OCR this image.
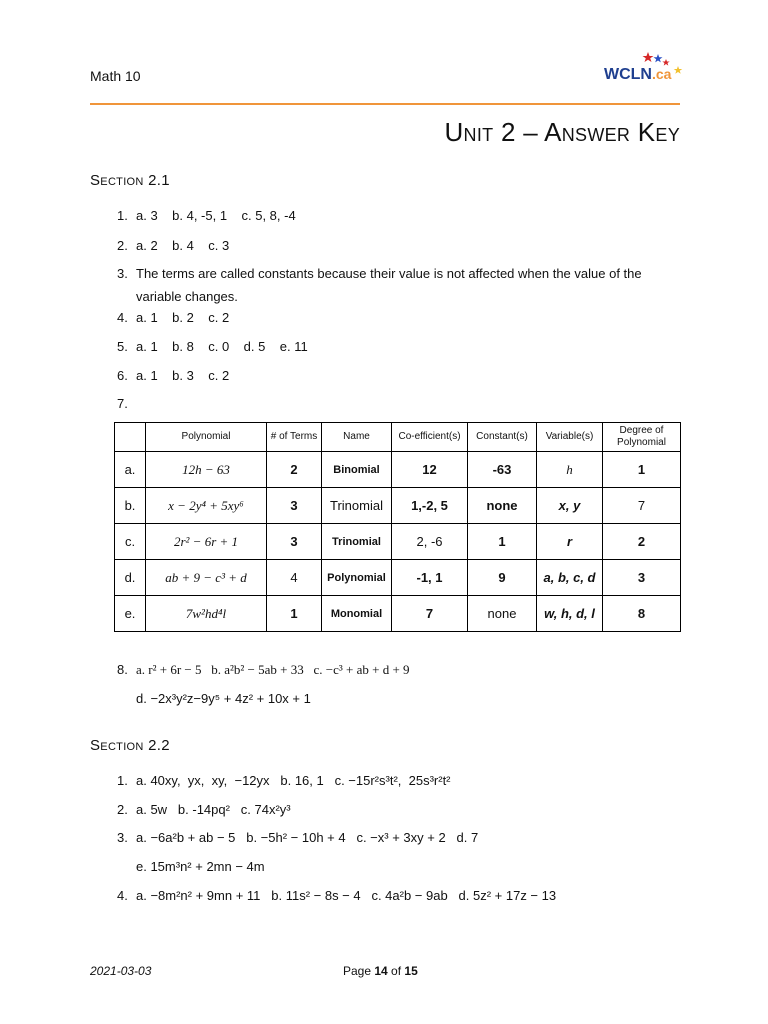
Math 10	WCLN .ca
Unit 2 – Answer Key
Section 2.1
1. a. 3    b. 4, -5, 1    c. 5, 8, -4
2. a. 2    b. 4    c. 3
3. The terms are called constants because their value is not affected when the value of the
variable changes.
4. a. 1    b. 2    c. 2
5. a. 1    b. 8    c. 0    d. 5    e. 11
6. a. 1    b. 3    c. 2
7.
	Polynomial	# of Terms	Name	Co-efficient(s)	Constant(s)	Variable(s)	Degree of Polynomial
a.	12h − 63	2	Binomial	12	-63	h	1
b.	x − 2y⁴ + 5xy⁶	3	Trinomial	1,-2, 5	none	x, y	7
c.	2r² − 6r + 1	3	Trinomial	2, -6	1	r	2
d.	ab + 9 − c³ + d	4	Polynomial	-1, 1	9	a, b, c, d	3
e.	7w²hd⁴l	1	Monomial	7	none	w, h, d, l	8
8. a. r² + 6r − 5   b. a²b² − 5ab + 33   c. −c³ + ab + d + 9
d. −2x³y²z−9y⁵ + 4z² + 10x + 1
Section 2.2
1. a. 40xy,  yx,  xy,  −12yx   b. 16, 1   c. −15r²s³t²,  25s³r²t²
2. a. 5w   b. -14pq²   c. 74x²y³
3. a. −6a²b + ab − 5   b. −5h² − 10h + 4   c. −x³ + 3xy + 2   d. 7
e. 15m³n² + 2mn − 4m
4. a. −8m²n² + 9mn + 11   b. 11s² − 8s − 4   c. 4a²b − 9ab   d. 5z² + 17z − 13
2021-03-03	Page 14 of 15
